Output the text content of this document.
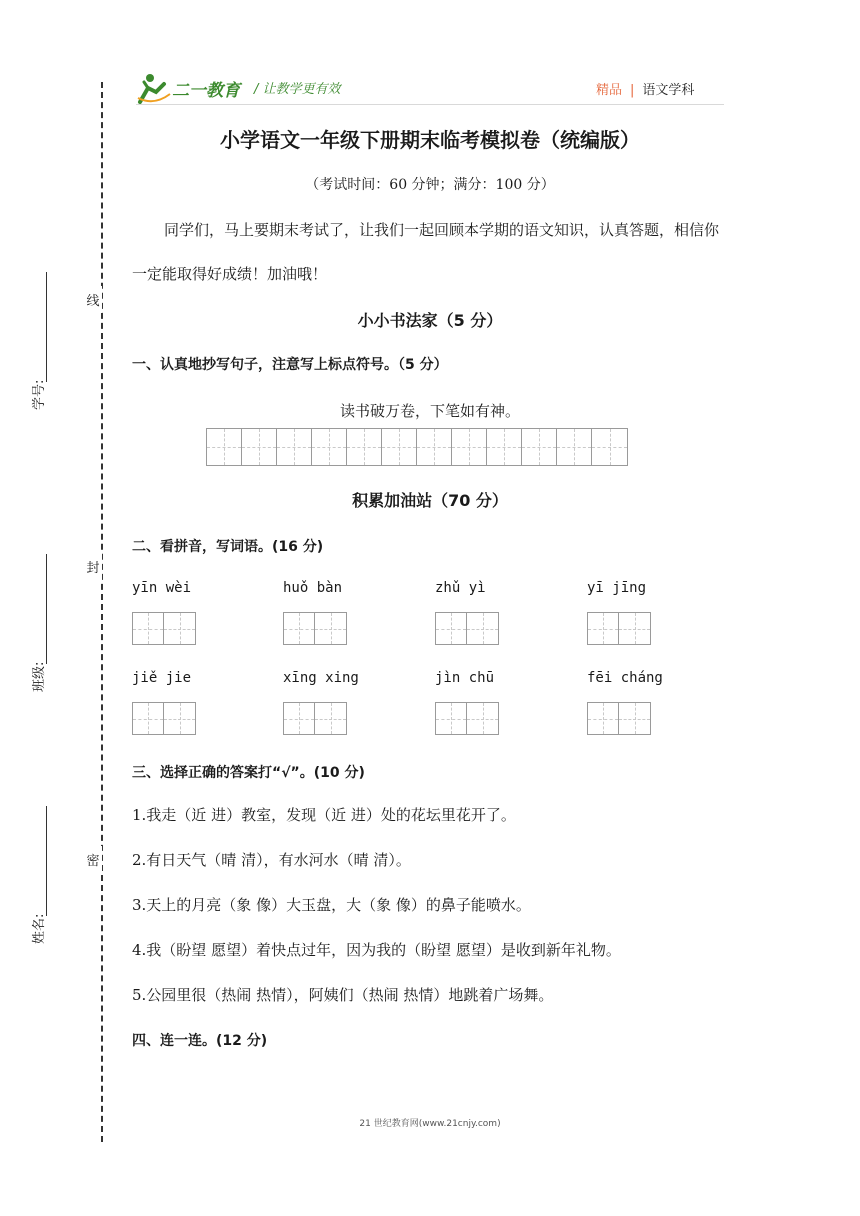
二一教育 / 让教学更有效	精品 | 语文学科
线
封
密
学号:
班级:
姓名:
小学语文一年级下册期末临考模拟卷（统编版）
（考试时间：60 分钟；满分：100 分）
同学们，马上要期末考试了，让我们一起回顾本学期的语文知识，认真答题，相信你一定能取得好成绩！加油哦！
小小书法家（5 分）
一、认真地抄写句子，注意写上标点符号。（5 分）
读书破万卷，下笔如有神。
积累加油站（70 分）
二、看拼音，写词语。(16 分)
yīn wèi	huǒ bàn	zhǔ yì	yī jīng
jiě jie	xīng xing	jìn chū	fēi cháng
三、选择正确的答案打“√”。(10 分)
1.我走（近 进）教室，发现（近 进）处的花坛里花开了。
2.有日天气（晴 清），有水河水（晴 清）。
3.天上的月亮（象 像）大玉盘，大（象 像）的鼻子能喷水。
4.我（盼望 愿望）着快点过年，因为我的（盼望 愿望）是收到新年礼物。
5.公园里很（热闹 热情），阿姨们（热闹 热情）地跳着广场舞。
四、连一连。(12 分)
21 世纪教育网(www.21cnjy.com)
